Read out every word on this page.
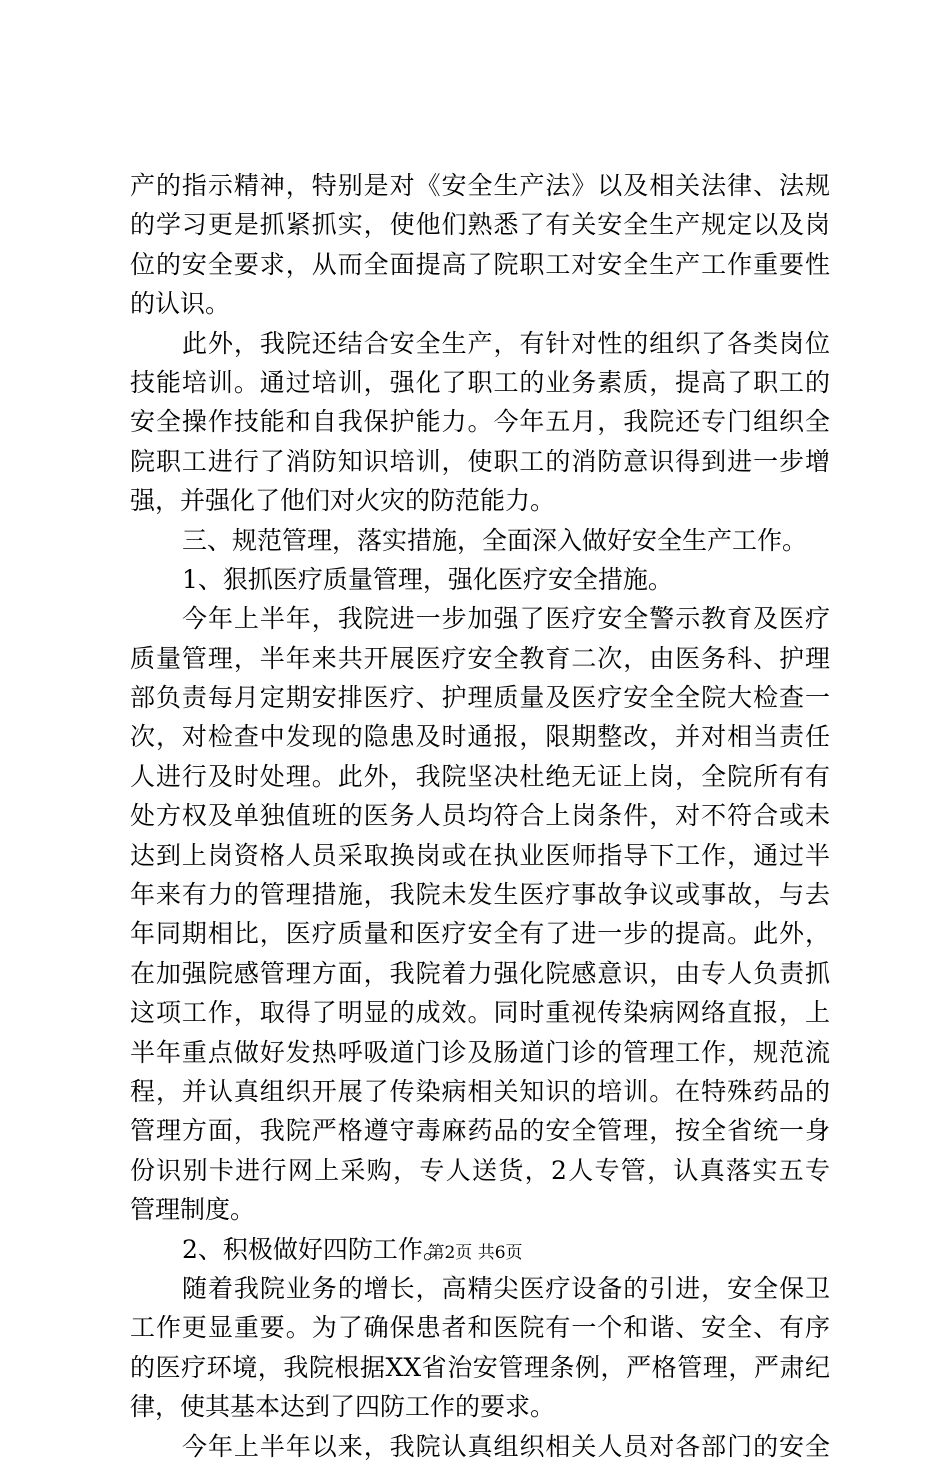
产的指示精神，特别是对《安全生产法》以及相关法律、法规
的学习更是抓紧抓实，使他们熟悉了有关安全生产规定以及岗
位的安全要求，从而全面提高了院职工对安全生产工作重要性
的认识。
此外，我院还结合安全生产，有针对性的组织了各类岗位
技能培训。通过培训，强化了职工的业务素质，提高了职工的
安全操作技能和自我保护能力。今年五月，我院还专门组织全
院职工进行了消防知识培训，使职工的消防意识得到进一步增
强，并强化了他们对火灾的防范能力。
三、规范管理，落实措施，全面深入做好安全生产工作。
1、狠抓医疗质量管理，强化医疗安全措施。
今年上半年，我院进一步加强了医疗安全警示教育及医疗
质量管理，半年来共开展医疗安全教育二次，由医务科、护理
部负责每月定期安排医疗、护理质量及医疗安全全院大检查一
次，对检查中发现的隐患及时通报，限期整改，并对相当责任
人进行及时处理。此外，我院坚决杜绝无证上岗，全院所有有
处方权及单独值班的医务人员均符合上岗条件，对不符合或未
达到上岗资格人员采取换岗或在执业医师指导下工作，通过半
年来有力的管理措施，我院未发生医疗事故争议或事故，与去
年同期相比，医疗质量和医疗安全有了进一步的提高。此外，
在加强院感管理方面，我院着力强化院感意识，由专人负责抓
这项工作，取得了明显的成效。同时重视传染病网络直报，上
半年重点做好发热呼吸道门诊及肠道门诊的管理工作，规范流
程，并认真组织开展了传染病相关知识的培训。在特殊药品的
管理方面，我院严格遵守毒麻药品的安全管理，按全省统一身
份识别卡进行网上采购，专人送货，2人专管，认真落实五专
管理制度。
2、积极做好四防工作。
随着我院业务的增长，高精尖医疗设备的引进，安全保卫
工作更显重要。为了确保患者和医院有一个和谐、安全、有序
的医疗环境，我院根据XX省治安管理条例，严格管理，严肃纪
律，使其基本达到了四防工作的要求。
今年上半年以来，我院认真组织相关人员对各部门的安全
第2页 共6页
